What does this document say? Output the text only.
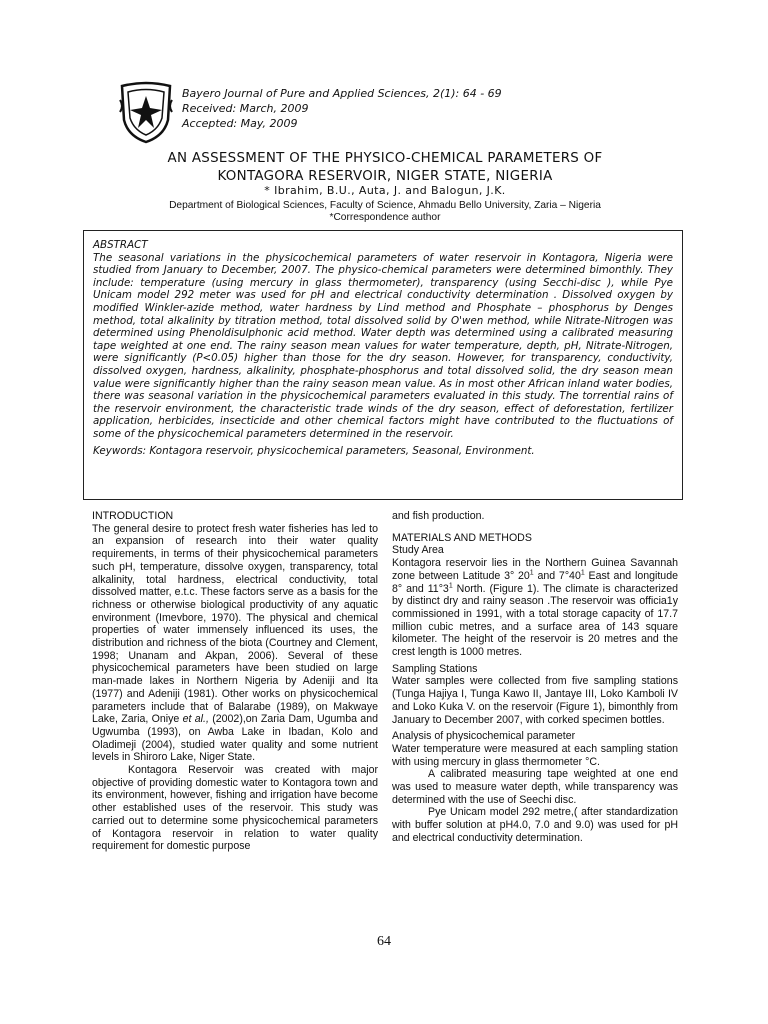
Bayero Journal of Pure and Applied Sciences, 2(1): 64 - 69
Received: March, 2009
Accepted: May, 2009
AN ASSESSMENT OF THE PHYSICO-CHEMICAL PARAMETERS OF
KONTAGORA RESERVOIR, NIGER STATE, NIGERIA
* Ibrahim, B.U., Auta, J. and Balogun, J.K.
Department of Biological Sciences, Faculty of Science, Ahmadu Bello University, Zaria – Nigeria
*Correspondence author

ABSTRACT

The seasonal variations in the physicochemical parameters of water reservoir in Kontagora, Nigeria were studied from January to December, 2007. The physico-chemical parameters were determined bimonthly. They include: temperature (using mercury in glass thermometer), transparency (using Secchi-disc ), while Pye Unicam model 292 meter was used for pH and electrical conductivity determination . Dissolved oxygen by modified Winkler-azide method, water hardness by Lind method and Phosphate – phosphorus by Denges method, total alkalinity by titration method, total dissolved solid by O'wen method, while Nitrate-Nitrogen was determined using Phenoldisulphonic acid method. Water depth was determined using a calibrated measuring tape weighted at one end. The rainy season mean values for water temperature, depth, pH, Nitrate-Nitrogen, were significantly (P<0.05) higher than those for the dry season. However, for transparency, conductivity, dissolved oxygen, hardness, alkalinity, phosphate-phosphorus and total dissolved solid, the dry season mean value were significantly higher than the rainy season mean value. As in most other African inland water bodies, there was seasonal variation in the physicochemical parameters evaluated in this study. The torrential rains of the reservoir environment, the characteristic trade winds of the dry season, effect of deforestation, fertilizer application, herbicides, insecticide and other chemical factors might have contributed to the fluctuations of some of the physicochemical parameters determined in the reservoir.

Keywords: Kontagora reservoir, physicochemical parameters, Seasonal, Environment.

INTRODUCTION

The general desire to protect fresh water fisheries has led to an expansion of research into their water quality requirements, in terms of their physicochemical parameters such pH, temperature, dissolve oxygen, transparency, total alkalinity, total hardness, electrical conductivity, total dissolved matter, e.t.c. These factors serve as a basis for the richness or otherwise biological productivity of any aquatic environment (Imevbore, 1970). The physical and chemical properties of water immensely influenced its uses, the distribution and richness of the biota (Courtney and Clement, 1998; Unanam and Akpan, 2006). Several of these physicochemical parameters have been studied on large man-made lakes in Northern Nigeria by Adeniji and Ita (1977) and Adeniji (1981). Other works on physicochemical parameters include that of Balarabe (1989), on Makwaye Lake, Zaria, Oniye et al., (2002),on Zaria Dam, Ugumba and Ugwumba (1993), on Awba Lake in Ibadan, Kolo and Oladimeji (2004), studied water quality and some nutrient levels in Shiroro Lake, Niger State.

Kontagora Reservoir was created with major objective of providing domestic water to Kontagora town and its environment, however, fishing and irrigation have become other established uses of the reservoir. This study was carried out to determine some physicochemical parameters of Kontagora reservoir in relation to water quality requirement for domestic purpose

and fish production.

MATERIALS AND METHODS

Study Area

Kontagora reservoir lies in the Northern Guinea Savannah zone between Latitude 3° $20^1$ and $7^\circ 40^1$ East and longitude 8° and $11^\circ 3^1$ North. (Figure 1). The climate is characterized by distinct dry and rainy season .The reservoir was officia1y commissioned in 1991, with a total storage capacity of 17.7 million cubic metres, and a surface area of 143 square kilometer. The height of the reservoir is 20 metres and the crest length is 1000 metres.

Sampling Stations

Water samples were collected from five sampling stations (Tunga Hajiya I, Tunga Kawo II, Jantaye III, Loko Kamboli IV and Loko Kuka V. on the reservoir (Figure 1), bimonthly from January to December 2007, with corked specimen bottles.

Analysis of physicochemical parameter

Water temperature were measured at each sampling station with using mercury in glass thermometer °C.

A calibrated measuring tape weighted at one end was used to measure water depth, while transparency was determined with the use of Seechi disc.

Pye Unicam model 292 metre,( after standardization with buffer solution at pH4.0, 7.0 and 9.0) was used for pH and electrical conductivity determination.

64
